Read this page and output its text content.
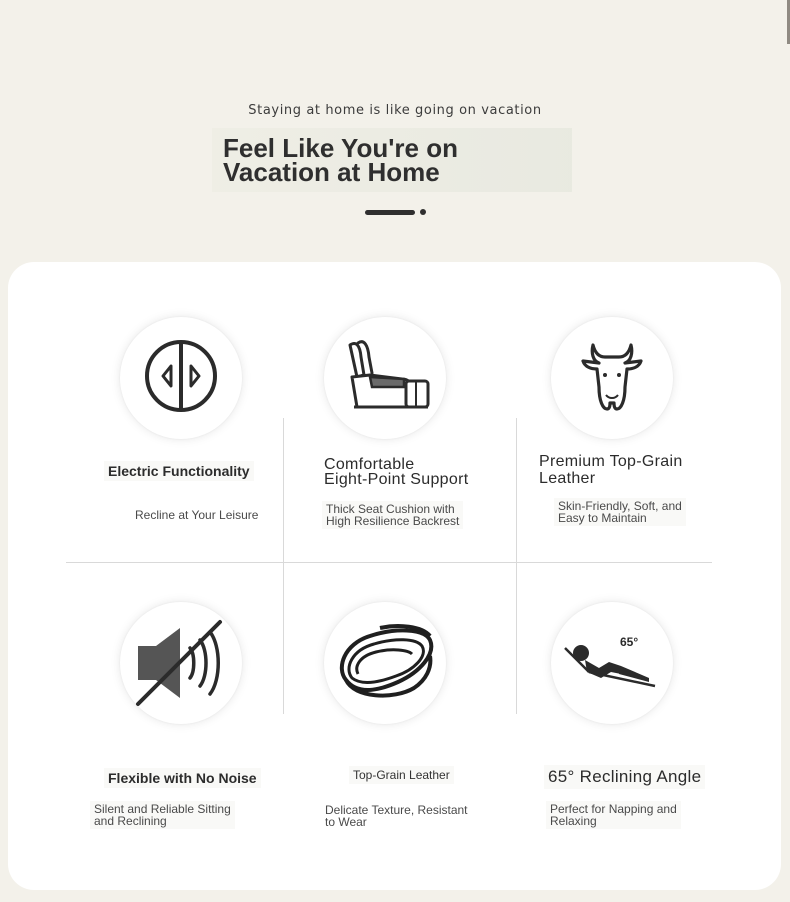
Staying at home is like going on vacation
Feel Like You're on
Vacation at Home
Electric Functionality
Recline at Your Leisure
Comfortable
Eight-Point Support
Thick Seat Cushion with
High Resilience Backrest
Premium Top-Grain
Leather
Skin-Friendly, Soft, and
Easy to Maintain
Flexible with No Noise
Silent and Reliable Sitting
and Reclining
Top-Grain Leather
Delicate Texture, Resistant
to Wear
65°
65° Reclining Angle
Perfect for Napping and
Relaxing
